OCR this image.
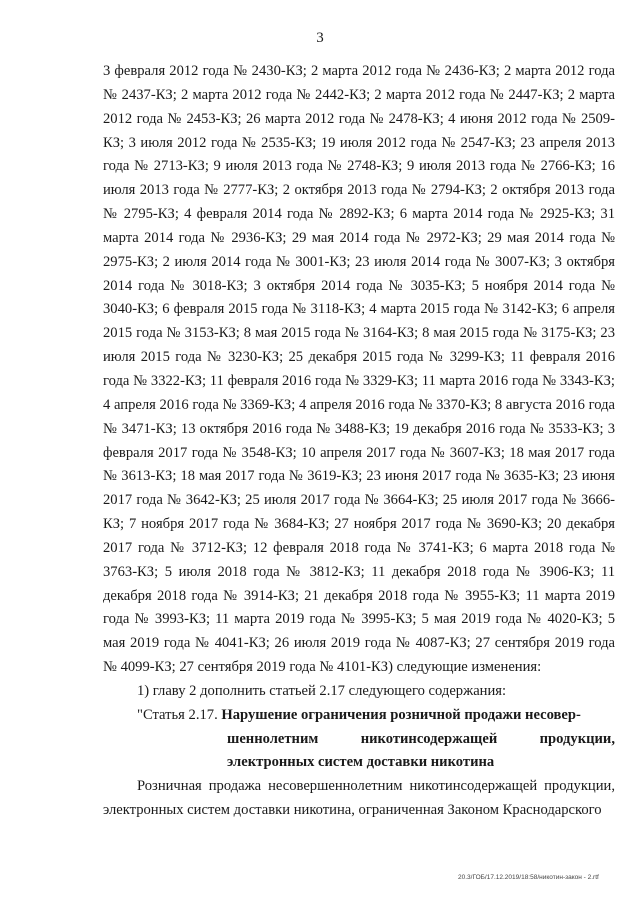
3

3 февраля 2012 года № 2430-КЗ; 2 марта 2012 года № 2436-КЗ; 2 марта 2012 года № 2437-КЗ; 2 марта 2012 года № 2442-КЗ; 2 марта 2012 года № 2447-КЗ; 2 марта 2012 года № 2453-КЗ; 26 марта 2012 года № 2478-КЗ; 4 июня 2012 года № 2509-КЗ; 3 июля 2012 года № 2535-КЗ; 19 июля 2012 года № 2547-КЗ; 23 апреля 2013 года № 2713-КЗ; 9 июля 2013 года № 2748-КЗ; 9 июля 2013 года № 2766-КЗ; 16 июля 2013 года № 2777-КЗ; 2 октября 2013 года № 2794-КЗ; 2 октября 2013 года № 2795-КЗ; 4 февраля 2014 года № 2892-КЗ; 6 марта 2014 года № 2925-КЗ; 31 марта 2014 года № 2936-КЗ; 29 мая 2014 года № 2972-КЗ; 29 мая 2014 года № 2975-КЗ; 2 июля 2014 года № 3001-КЗ; 23 июля 2014 года № 3007-КЗ; 3 октября 2014 года № 3018-КЗ; 3 октября 2014 года № 3035-КЗ; 5 ноября 2014 года № 3040-КЗ; 6 февраля 2015 года № 3118-КЗ; 4 марта 2015 года № 3142-КЗ; 6 апреля 2015 года № 3153-КЗ; 8 мая 2015 года № 3164-КЗ; 8 мая 2015 года № 3175-КЗ; 23 июля 2015 года № 3230-КЗ; 25 декабря 2015 года № 3299-КЗ; 11 февраля 2016 года № 3322-КЗ; 11 февраля 2016 года № 3329-КЗ; 11 марта 2016 года № 3343-КЗ; 4 апреля 2016 года № 3369-КЗ; 4 апреля 2016 года № 3370-КЗ; 8 августа 2016 года № 3471-КЗ; 13 октября 2016 года № 3488-КЗ; 19 декабря 2016 года № 3533-КЗ; 3 февраля 2017 года № 3548-КЗ; 10 апреля 2017 года № 3607-КЗ; 18 мая 2017 года № 3613-КЗ; 18 мая 2017 года № 3619-КЗ; 23 июня 2017 года № 3635-КЗ; 23 июня 2017 года № 3642-КЗ; 25 июля 2017 года № 3664-КЗ; 25 июля 2017 года № 3666-КЗ; 7 ноября 2017 года № 3684-КЗ; 27 ноября 2017 года № 3690-КЗ; 20 декабря 2017 года № 3712-КЗ; 12 февраля 2018 года № 3741-КЗ; 6 марта 2018 года № 3763-КЗ; 5 июля 2018 года № 3812-КЗ; 11 декабря 2018 года № 3906-КЗ; 11 декабря 2018 года № 3914-КЗ; 21 декабря 2018 года № 3955-КЗ; 11 марта 2019 года № 3993-КЗ; 11 марта 2019 года № 3995-КЗ; 5 мая 2019 года № 4020-КЗ; 5 мая 2019 года № 4041-КЗ; 26 июля 2019 года № 4087-КЗ; 27 сентября 2019 года № 4099-КЗ; 27 сентября 2019 года № 4101-КЗ) следующие изменения:

1) главу 2 дополнить статьей 2.17 следующего содержания:

"Статья 2.17. Нарушение ограничения розничной продажи несовер-
шеннолетним никотинсодержащей продукции, электронных систем доставки никотина

Розничная продажа несовершеннолетним никотинсодержащей продукции, электронных систем доставки никотина, ограниченная Законом Краснодарского

20.3/ГОБ/17.12.2019/18:58/никотин-закон - 2.rtf
